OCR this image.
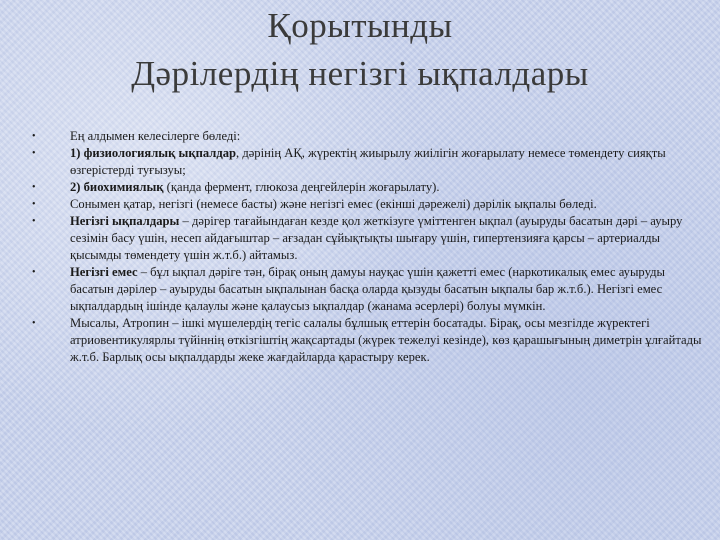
Қорытынды
Дәрілердің негізгі ықпалдары
•	Ең алдымен келесілерге бөледі:
•	1) физиологиялық ықпалдар, дәрінің АҚ, жүректің жиырылу жиілігін жоғарылату немесе төмендету сияқты өзгерістерді туғызуы;
•	2) биохимиялық (қанда фермент, глюкоза деңгейлерін жоғарылату).
•	Сонымен қатар, негізгі (немесе басты) және негізгі емес (екінші дәрежелі) дәрілік ықпалы бөледі.
•	Негізгі ықпалдары – дәрігер тағайындаған кезде қол жеткізуге үміттенген ықпал (ауыруды басатын дәрі – ауыру сезімін басу үшін, несеп айдағыштар – ағзадан сұйықтықты шығару үшін, гипертензияға қарсы – артериалды қысымды төмендету үшін ж.т.б.) айтамыз.
•	Негізгі емес – бұл ықпал дәріге тән, бірақ оның дамуы науқас үшін қажетті емес (наркотикалық емес ауыруды басатын дәрілер – ауыруды басатын ықпалынан басқа оларда қызуды басатын ықпалы бар ж.т.б.). Негізгі емес ықпалдардың ішінде қалаулы және қалаусыз ықпалдар (жанама әсерлері) болуы мүмкін.
•	Мысалы, Атропин – ішкі мүшелердің тегіс салалы бұлшық еттерін босатады. Бірақ, осы мезгілде жүректегі атриовентикулярлы түйіннің өткізгіштің жақсартады (жүрек тежелуі кезінде), көз қарашығының диметрін ұлғайтады ж.т.б. Барлық осы ықпалдарды жеке жағдайларда қарастыру керек.
